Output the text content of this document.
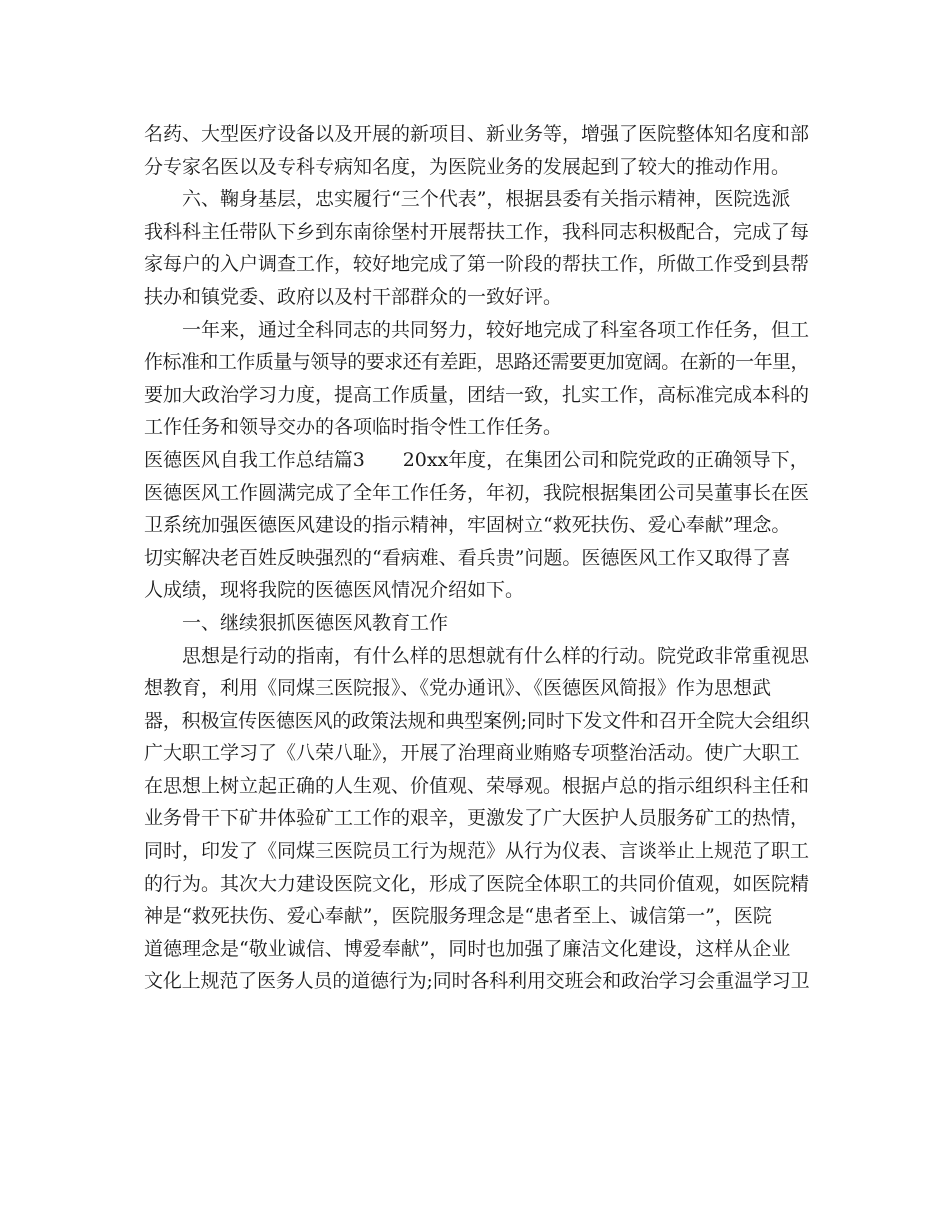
名药、大型医疗设备以及开展的新项目、新业务等，增强了医院整体知名度和部
分专家名医以及专科专病知名度，为医院业务的发展起到了较大的推动作用。
　　六、鞠身基层，忠实履行“三个代表”，根据县委有关指示精神，医院选派
我科科主任带队下乡到东南徐堡村开展帮扶工作，我科同志积极配合，完成了每
家每户的入户调查工作，较好地完成了第一阶段的帮扶工作，所做工作受到县帮
扶办和镇党委、政府以及村干部群众的一致好评。
　　一年来，通过全科同志的共同努力，较好地完成了科室各项工作任务，但工
作标准和工作质量与领导的要求还有差距，思路还需要更加宽阔。在新的一年里，
要加大政治学习力度，提高工作质量，团结一致，扎实工作，高标准完成本科的
工作任务和领导交办的各项临时指令性工作任务。
医德医风自我工作总结篇3　　20xx年度，在集团公司和院党政的正确领导下，
医德医风工作圆满完成了全年工作任务，年初，我院根据集团公司吴董事长在医
卫系统加强医德医风建设的指示精神，牢固树立“救死扶伤、爱心奉献”理念。
切实解决老百姓反映强烈的“看病难、看兵贵”问题。医德医风工作又取得了喜
人成绩，现将我院的医德医风情况介绍如下。
　　一、继续狠抓医德医风教育工作
　　思想是行动的指南，有什么样的思想就有什么样的行动。院党政非常重视思
想教育，利用《同煤三医院报》、《党办通讯》、《医德医风简报》作为思想武
器，积极宣传医德医风的政策法规和典型案例;同时下发文件和召开全院大会组织
广大职工学习了《八荣八耻》，开展了治理商业贿赂专项整治活动。使广大职工
在思想上树立起正确的人生观、价值观、荣辱观。根据卢总的指示组织科主任和
业务骨干下矿井体验矿工工作的艰辛，更激发了广大医护人员服务矿工的热情，
同时，印发了《同煤三医院员工行为规范》从行为仪表、言谈举止上规范了职工
的行为。其次大力建设医院文化，形成了医院全体职工的共同价值观，如医院精
神是“救死扶伤、爱心奉献”，医院服务理念是“患者至上、诚信第一”，医院
道德理念是“敬业诚信、博爱奉献”，同时也加强了廉洁文化建设，这样从企业
文化上规范了医务人员的道德行为;同时各科利用交班会和政治学习会重温学习卫
